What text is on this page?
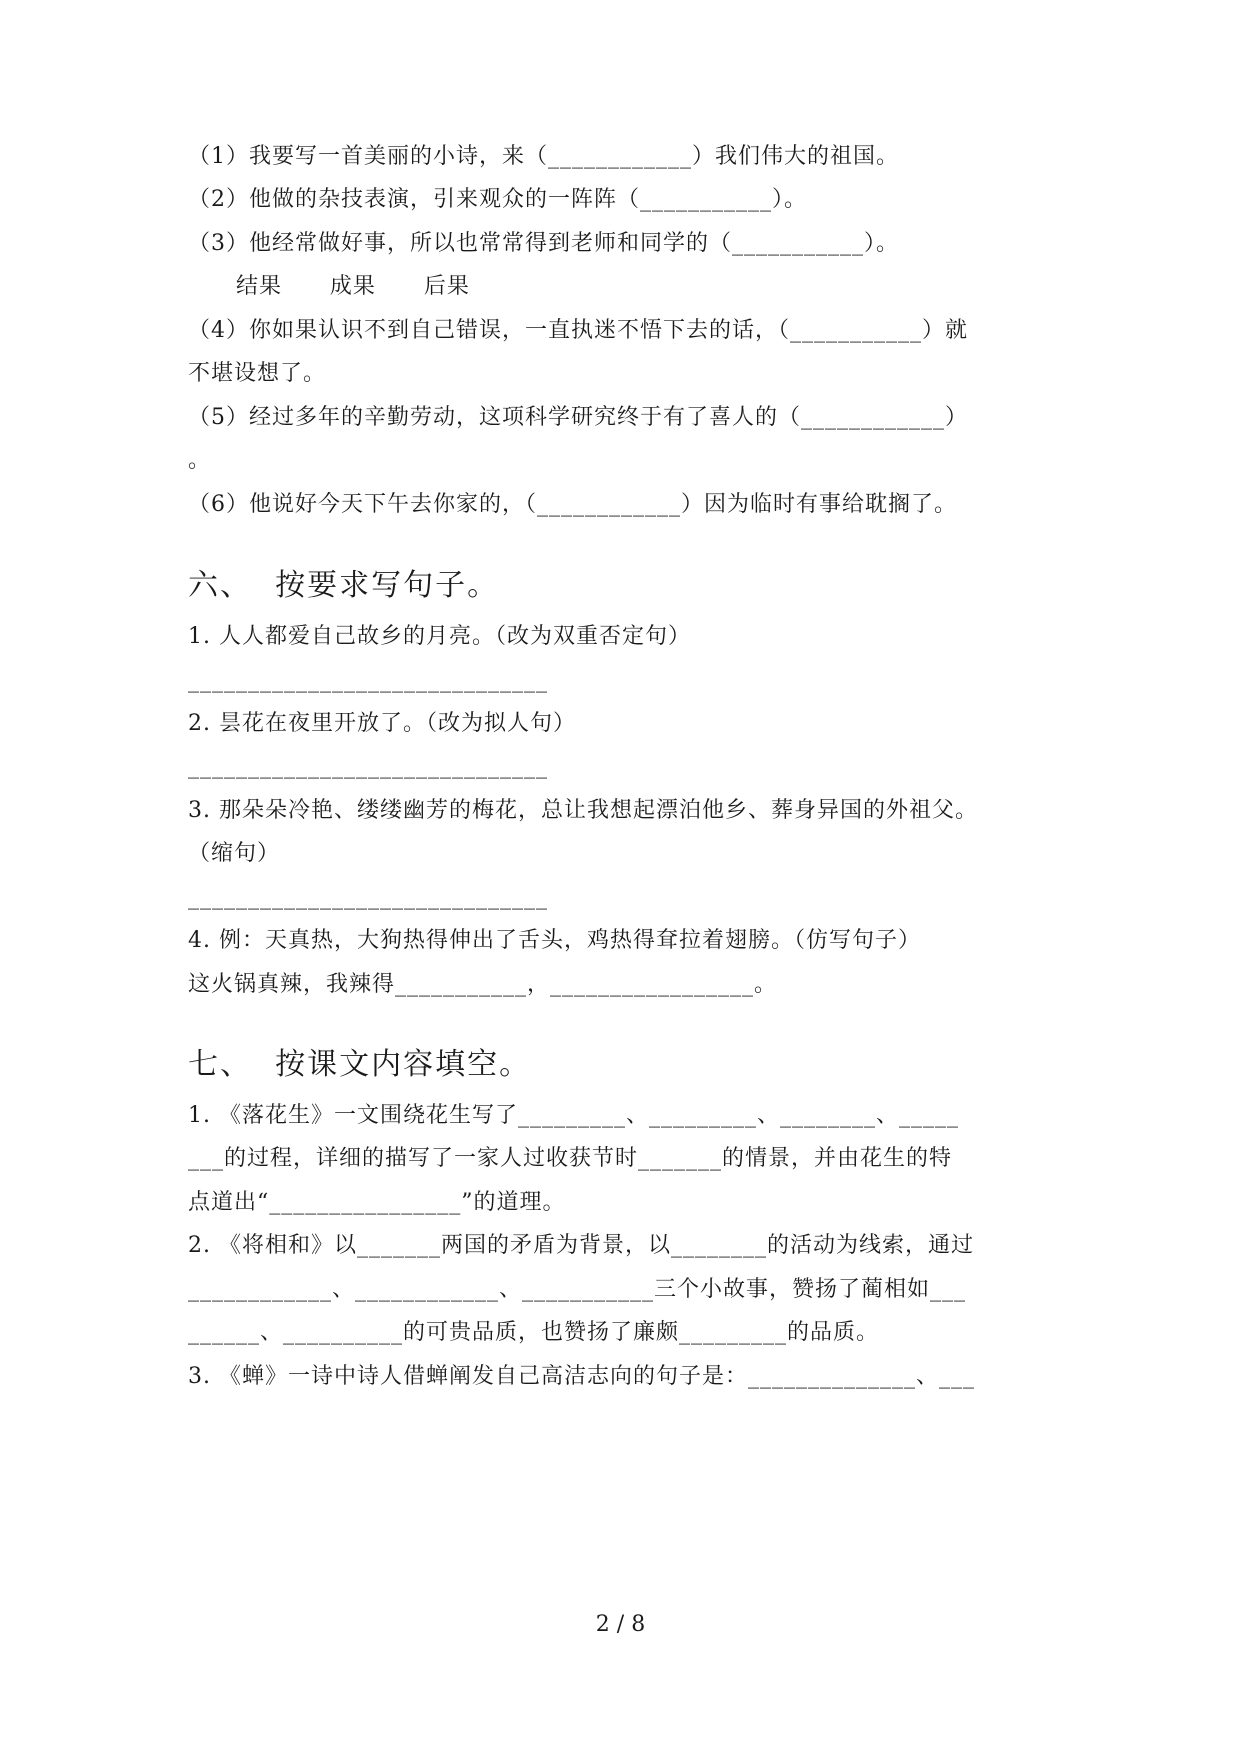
（1）我要写一首美丽的小诗，来（____________）我们伟大的祖国。
（2）他做的杂技表演，引来观众的一阵阵（___________）。
（3）他经常做好事，所以也常常得到老师和同学的（___________）。
结果      成果      后果
（4）你如果认识不到自己错误，一直执迷不悟下去的话，（___________）就
不堪设想了。
（5）经过多年的辛勤劳动，这项科学研究终于有了喜人的（____________）
。
（6）他说好今天下午去你家的，（____________）因为临时有事给耽搁了。
六、  按要求写句子。
1. 人人都爱自己故乡的月亮。（改为双重否定句）
______________________________
2. 昙花在夜里开放了。（改为拟人句）
______________________________
3. 那朵朵冷艳、缕缕幽芳的梅花，总让我想起漂泊他乡、葬身异国的外祖父。
（缩句）
______________________________
4. 例：天真热，大狗热得伸出了舌头，鸡热得耷拉着翅膀。（仿写句子）
这火锅真辣，我辣得___________，_________________。
七、  按课文内容填空。
1. 《落花生》一文围绕花生写了_________、_________、________、_____
___的过程，详细的描写了一家人过收获节时_______的情景，并由花生的特
点道出“________________”的道理。
2. 《将相和》以_______两国的矛盾为背景，以________的活动为线索，通过
____________、____________、___________三个小故事，赞扬了蔺相如___
______、__________的可贵品质，也赞扬了廉颇_________的品质。
3. 《蝉》一诗中诗人借蝉阐发自己高洁志向的句子是：______________、___
2 / 8
